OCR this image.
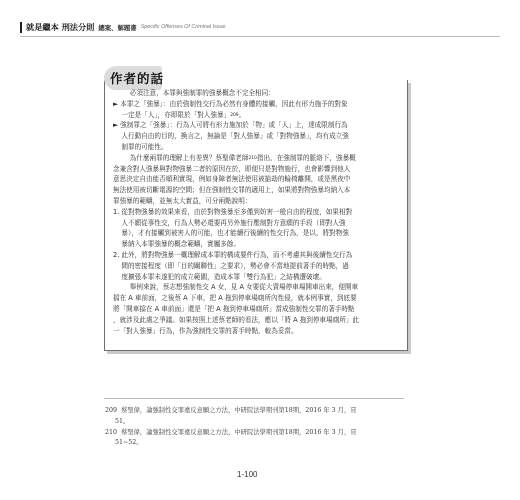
就是繼本 刑法分則 總案、解題書 Specific Offenses Of Criminal Issue
作者的話
必須注意，本罪與強制罪的強暴概念不完全相同：
► 本罪之「強暴」：由於強制性交行為必然有身體的接觸，因此有形力施予的對象
一定是「人」，亦即限於「對人強暴」$^{209}$。
► 強制罪之「強暴」：行為人可將有形力施加於「物」或「人」上，達成限制行為
人行動自由的目的，換言之，無論是「對人強暴」或「對物強暴」，均有成立強
制罪的可能性。
為什麼兩罪的理解上有差異？蔡聖偉老師$^{210}$指出，在強制罪的脈絡下，強暴概
念兼含對人強暴與對物強暴二者的原因在於，即便只是對物施行，也會影響到他人
意思決定自由能否順利實現，例如身障者無法使用被搶劫的輪椅離開，或是黑夜中
無法使用被切斷電源的空間；但在強制性交罪的適用上，如果將對物強暴均納入本
罪強暴的範疇，並無太大實益，可分兩點說明：
1. 從對物強暴的效果來看，由於對物強暴至多僅到妨害一般自由的程度，如果相對
人不願從事性交，行為人勢必還要再另外施行壓制對方意願的手段（即對人強
暴），才有接觸到被害人的可能，也才能續行後續的性交行為，是以，將對物強
暴納入本罪強暴的概念範疇，實屬多餘。
2. 此外，將對物強暴一概理解成本罪的構成要件行為，而不考慮其與後續性交行為
間的密接程度（即「目的關聯性」之要求），勢必會不當地提前著手的時點，過
度擴張本罪未遂犯的成立範圍，造成本罪「雙行為犯」之結構遭破壞。
舉例來說，蔡志想強制性交 A 女，見 A 女要從大賣場停車場開車出來，便開車
擋在 A 車前面，之後蔡 A 下車，把 A 拖到停車場廁所內性侵，就本例事實，到底要
將「開車擋在 A 車前面」還是「把 A 拖到停車場廁所」當成強制性交罪的著手時點
，就涉及此處之爭議。如果按照上述蔡老師的看法，應以「將 A 拖到停車場廁所」此
一「對人強暴」行為，作為強制性交罪的著手時點，較為妥當。
209  蔡聖偉，論強制性交罪違反意願之方法，中研院法學期刊第18期，2016 年 3 月，頁
51。
210  蔡聖偉，論強制性交罪違反意願之方法，中研院法學期刊第18期，2016 年 3 月，頁
51~52。
1-100
